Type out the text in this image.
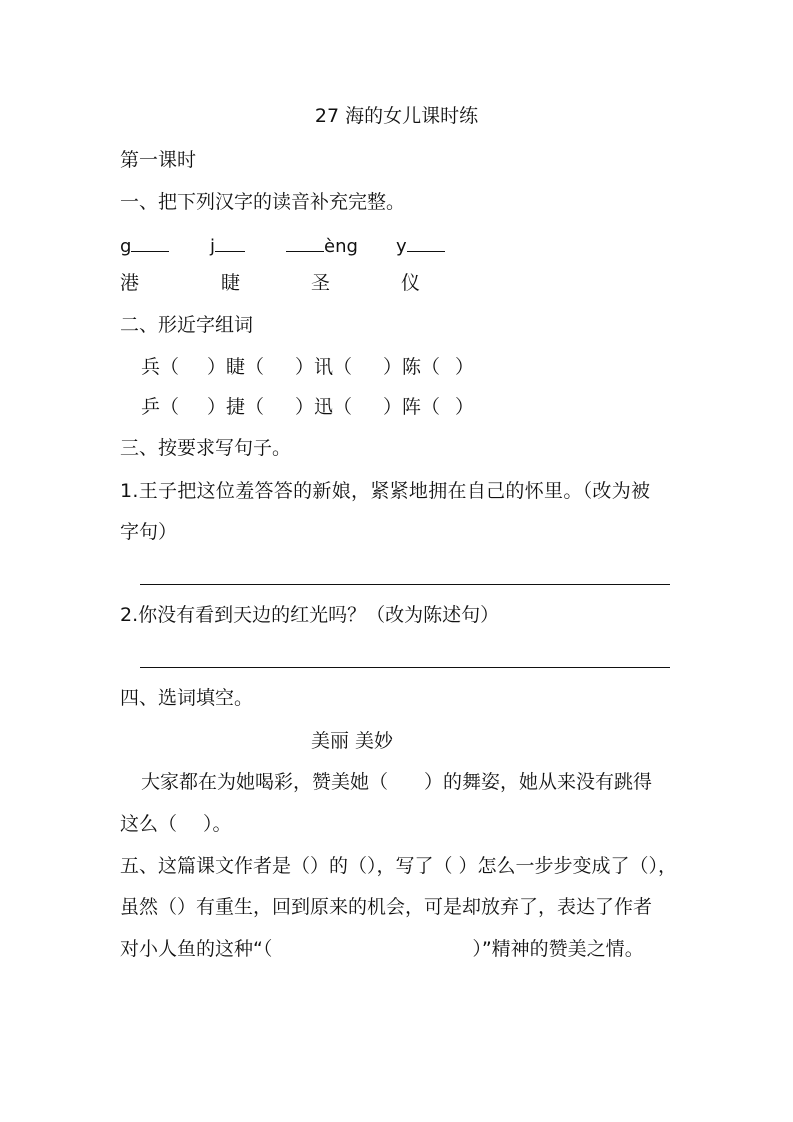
27 海的女儿课时练
第一课时
一、把下列汉字的读音补充完整。
g	j	èng y
港	睫	圣	仪
二、形近字组词
兵（ ）睫（ ）讯（ ）陈（ ）
乒（ ）捷（ ）迅（ ）阵（ ）
三、按要求写句子。
1.王子把这位羞答答的新娘，紧紧地拥在自己的怀里。（改为被
字句）
2.你没有看到天边的红光吗？（改为陈述句）
四、选词填空。
美丽 美妙
大家都在为她喝彩，赞美她（ ）的舞姿，她从来没有跳得
这么（ ）。
五、这篇课文作者是（）的（），写了（ ）怎么一步步变成了（），
虽然（）有重生，回到原来的机会，可是却放弃了，表达了作者
对小人鱼的这种“（	）”精神的赞美之情。
